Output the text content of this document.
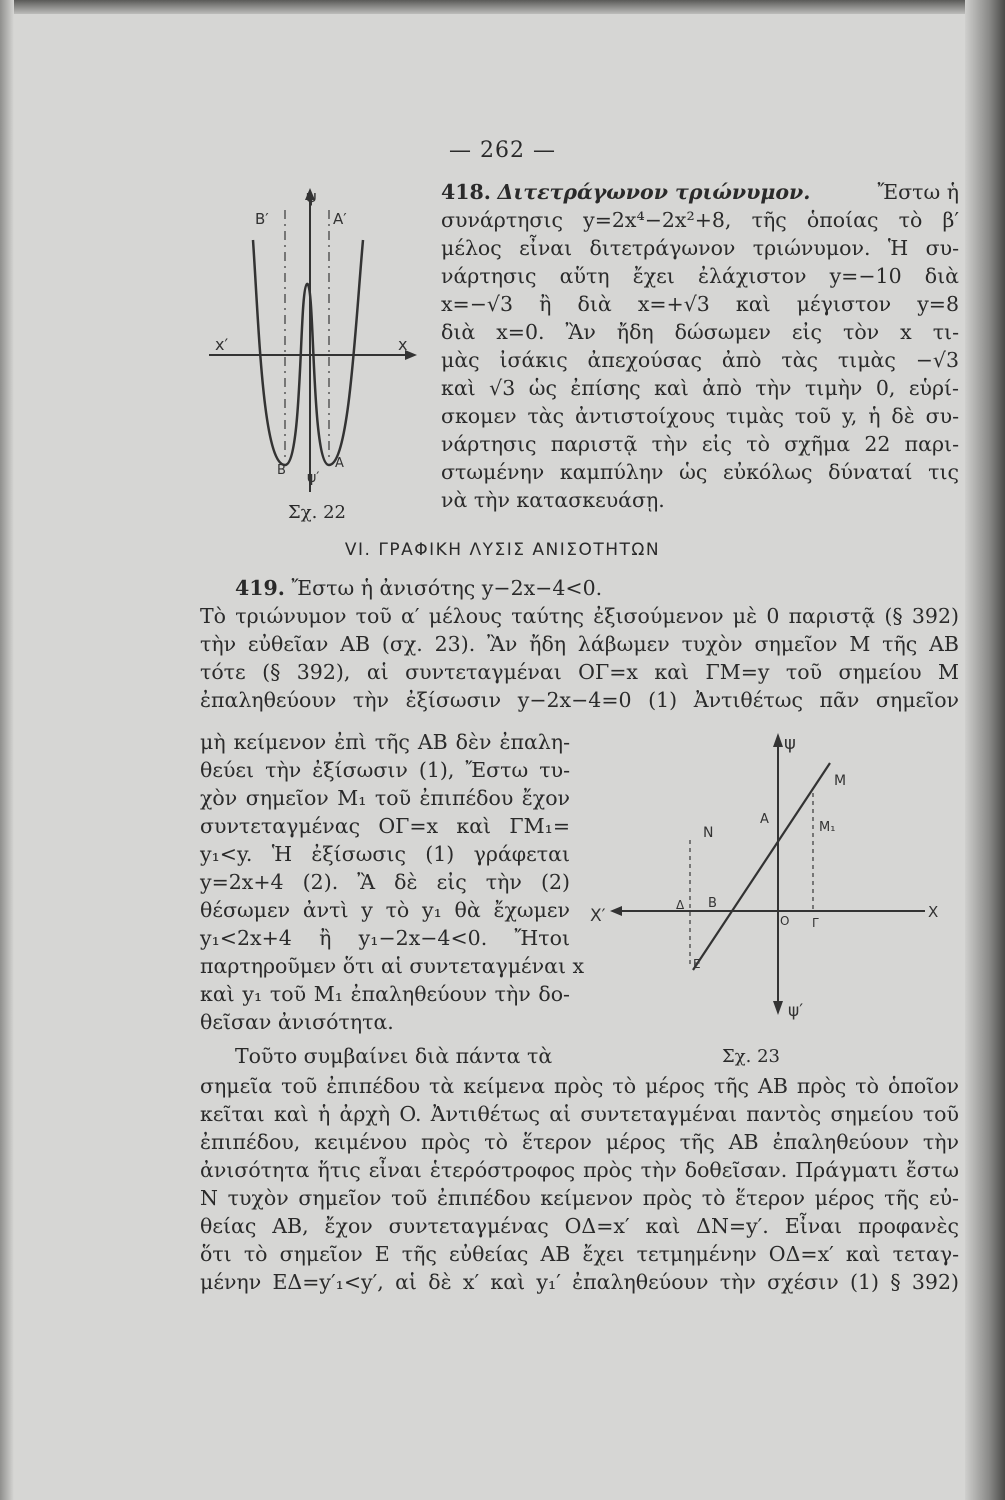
— 262 —
ψ
B′	A′
x′	x
B	A
ψ′
Σχ. 22
418. Διτετράγωνον τριώνυμον.	Ἔστω ἡ
συνάρτησις y=2x⁴−2x²+8, τῆς ὁποίας τὸ β′
μέλος εἶναι διτετράγωνον τριώνυμον. Ἡ συ-
νάρτησις αὕτη ἔχει ἐλάχιστον y=−10 διὰ
x=−√3 ἢ διὰ x=+√3 καὶ μέγιστον y=8
διὰ x=0. Ἂν ἤδη δώσωμεν εἰς τὸν x τι-
μὰς ἰσάκις ἀπεχούσας ἀπὸ τὰς τιμὰς −√3
καὶ √3 ὡς ἐπίσης καὶ ἀπὸ τὴν τιμὴν 0, εὑρί-
σκομεν τὰς ἀντιστοίχους τιμὰς τοῦ y, ἡ δὲ συ-
νάρτησις παριστᾷ τὴν εἰς τὸ σχῆμα 22 παρι-
στωμένην καμπύλην ὡς εὐκόλως δύναταί τις
νὰ τὴν κατασκευάσῃ.
VI. ΓΡΑΦΙΚΗ ΛΥΣΙΣ ΑΝΙΣΟΤΗΤΩΝ
419. Ἔστω ἡ ἀνισότης y−2x−4<0.
Τὸ τριώνυμον τοῦ α′ μέλους ταύτης ἐξισούμενον μὲ 0 παριστᾷ (§ 392)
τὴν εὐθεῖαν AB (σχ. 23). Ἂν ἤδη λάβωμεν τυχὸν σημεῖον M τῆς AB
τότε (§ 392), αἱ συντεταγμέναι ΟΓ=x καὶ ΓΜ=y τοῦ σημείου M
ἐπαληθεύουν τὴν ἐξίσωσιν y−2x−4=0 (1) Ἀντιθέτως πᾶν σημεῖον
μὴ κείμενον ἐπὶ τῆς AB δὲν ἐπαλη-
θεύει τὴν ἐξίσωσιν (1), Ἔστω τυ-
χὸν σημεῖον M₁ τοῦ ἐπιπέδου ἔχον
συντεταγμένας ΟΓ=x καὶ ΓΜ₁=
y₁<y. Ἡ ἐξίσωσις (1) γράφεται
y=2x+4 (2). Ἂ δὲ εἰς τὴν (2)
θέσωμεν ἀντὶ y τὸ y₁ θὰ ἔχωμεν
y₁<2x+4 ἢ y₁−2x−4<0. Ἤτοι
παρτηροῦμεν ὅτι αἱ συντεταγμέναι x
καὶ y₁ τοῦ M₁ ἐπαληθεύουν τὴν δο-
θεῖσαν ἀνισότητα.
Τοῦτο συμβαίνει διὰ πάντα τὰ
ψ
M
M₁
A
N
X′	X
Δ B
O Γ
Ε
ψ′
Σχ. 23
σημεῖα τοῦ ἐπιπέδου τὰ κείμενα πρὸς τὸ μέρος τῆς AB πρὸς τὸ ὁποῖον
κεῖται καὶ ἡ ἀρχὴ O. Ἀντιθέτως αἱ συντεταγμέναι παντὸς σημείου τοῦ
ἐπιπέδου, κειμένου πρὸς τὸ ἕτερον μέρος τῆς AB ἐπαληθεύουν τὴν
ἀνισότητα ἥτις εἶναι ἑτερόστροφος πρὸς τὴν δοθεῖσαν. Πράγματι ἔστω
N τυχὸν σημεῖον τοῦ ἐπιπέδου κείμενον πρὸς τὸ ἕτερον μέρος τῆς εὐ-
θείας AB, ἔχον συντεταγμένας ΟΔ=x′ καὶ ΔΝ=y′. Εἶναι προφανὲς
ὅτι τὸ σημεῖον E τῆς εὐθείας AB ἔχει τετμημένην ΟΔ=x′ καὶ τεταγ-
μένην ΕΔ=y′₁<y′, αἱ δὲ x′ καὶ y₁′ ἐπαληθεύουν τὴν σχέσιν (1) § 392)
